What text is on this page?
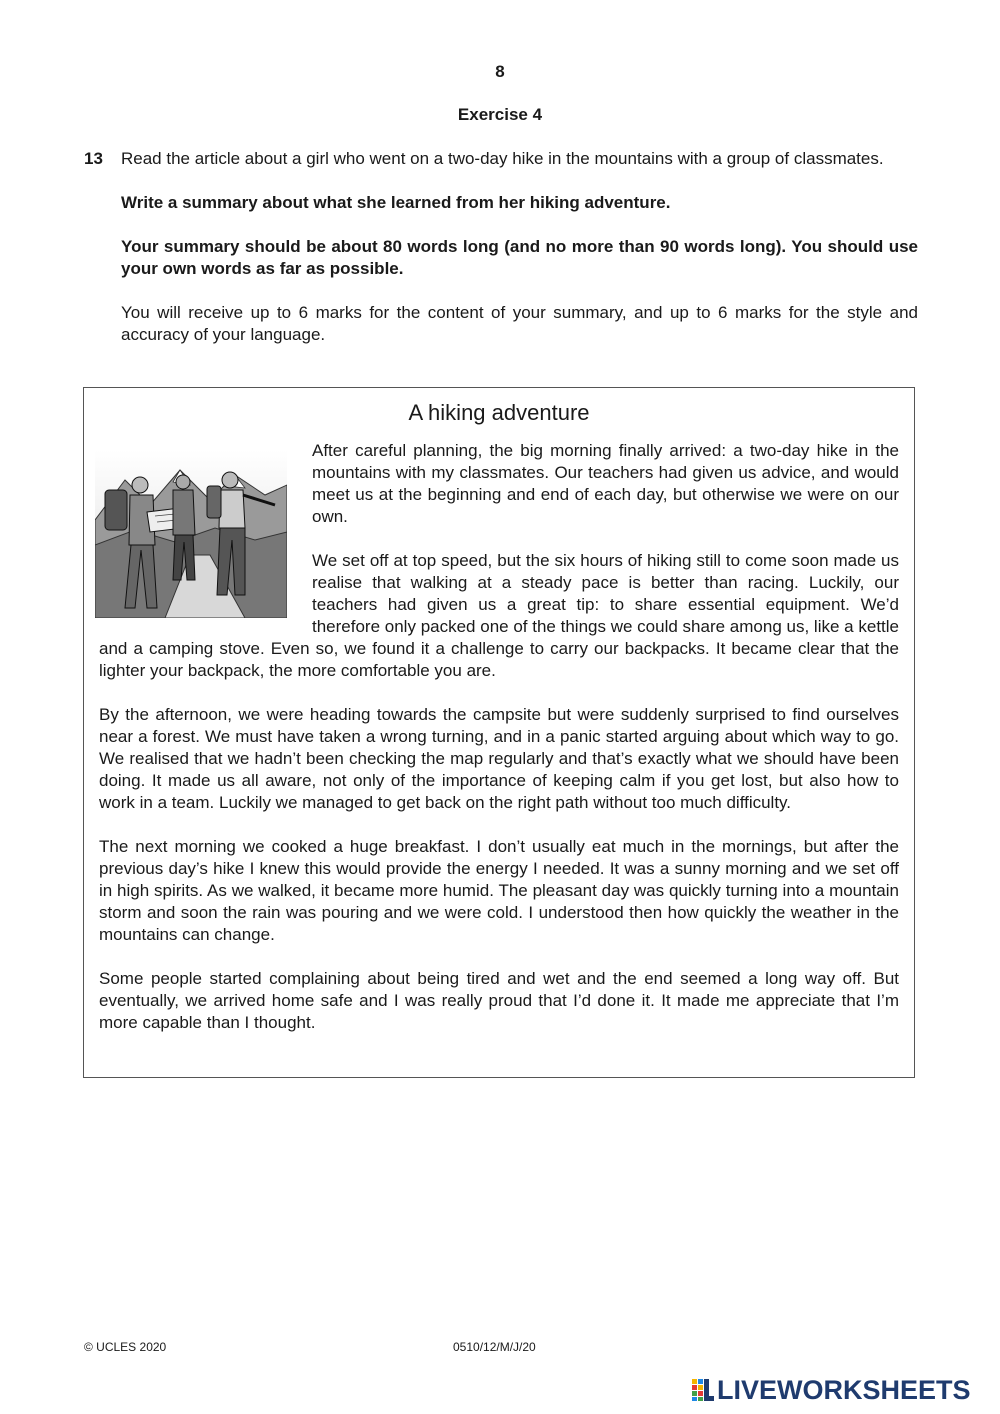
8
Exercise 4
13 Read the article about a girl who went on a two-day hike in the mountains with a group of classmates.

Write a summary about what she learned from her hiking adventure.

Your summary should be about 80 words long (and no more than 90 words long). You should use your own words as far as possible.

You will receive up to 6 marks for the content of your summary, and up to 6 marks for the style and accuracy of your language.

A hiking adventure

After careful planning, the big morning finally arrived: a two-day hike in the mountains with my classmates. Our teachers had given us advice, and would meet us at the beginning and end of each day, but otherwise we were on our own.

We set off at top speed, but the six hours of hiking still to come soon made us realise that walking at a steady pace is better than racing. Luckily, our teachers had given us a great tip: to share essential equipment. We’d therefore only packed one of the things we could share among us, like a kettle and a camping stove. Even so, we found it a challenge to carry our backpacks. It became clear that the lighter your backpack, the more comfortable you are.

By the afternoon, we were heading towards the campsite but were suddenly surprised to find ourselves near a forest. We must have taken a wrong turning, and in a panic started arguing about which way to go. We realised that we hadn’t been checking the map regularly and that’s exactly what we should have been doing. It made us all aware, not only of the importance of keeping calm if you get lost, but also how to work in a team. Luckily we managed to get back on the right path without too much difficulty.

The next morning we cooked a huge breakfast. I don’t usually eat much in the mornings, but after the previous day’s hike I knew this would provide the energy I needed. It was a sunny morning and we set off in high spirits. As we walked, it became more humid. The pleasant day was quickly turning into a mountain storm and soon the rain was pouring and we were cold. I understood then how quickly the weather in the mountains can change.

Some people started complaining about being tired and wet and the end seemed a long way off. But eventually, we arrived home safe and I was really proud that I’d done it. It made me appreciate that I’m more capable than I thought.

© UCLES 2020	0510/12/M/J/20
LIVEWORKSHEETS
